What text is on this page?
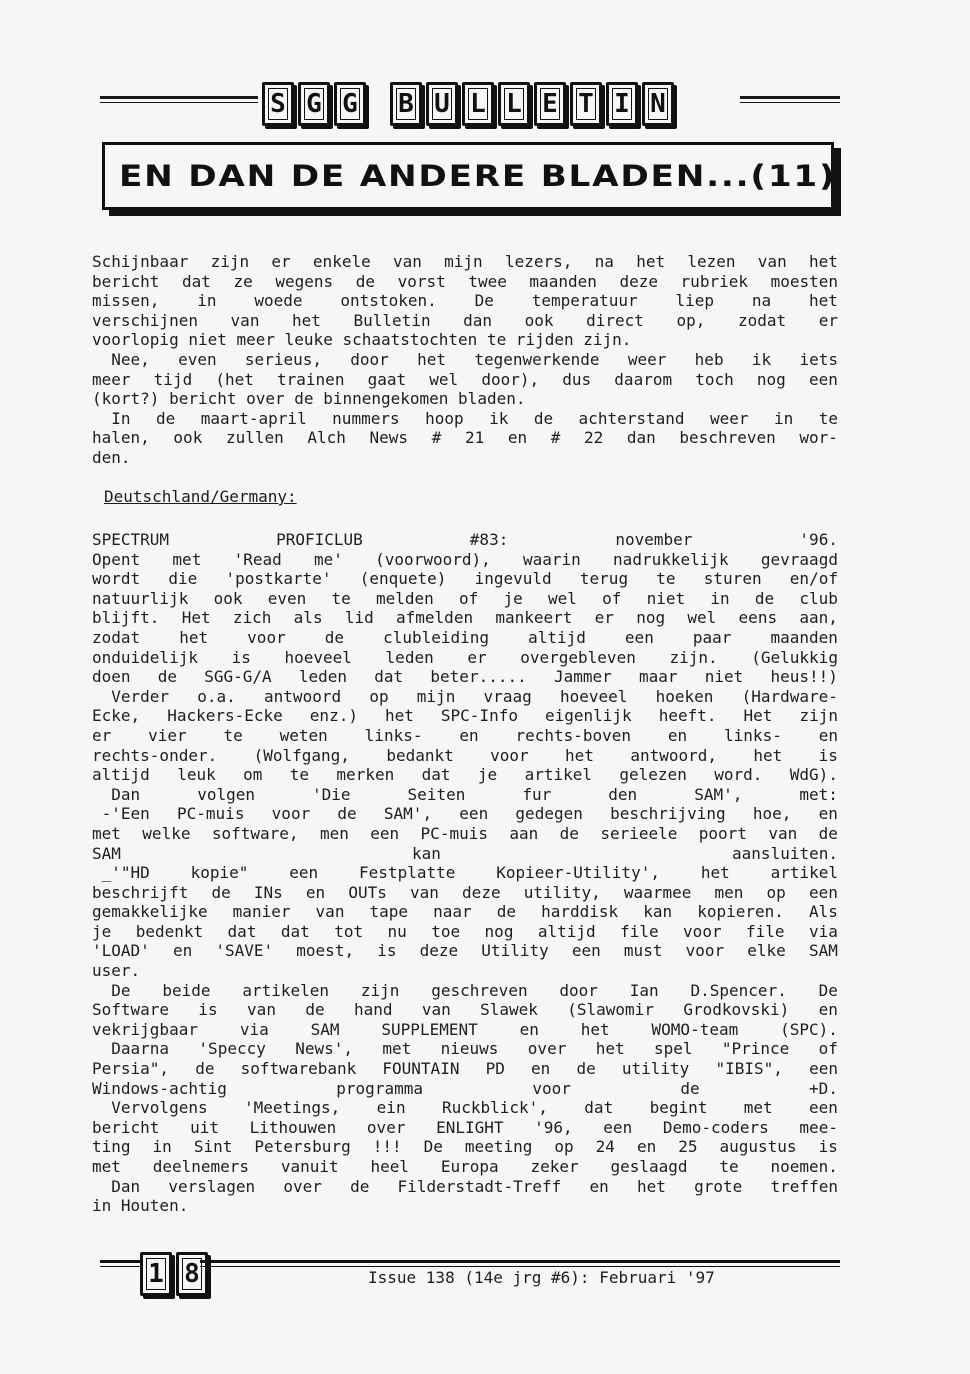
S G G	B U L L E T I N
EN DAN DE ANDERE BLADEN...(11)
Schijnbaar zijn er enkele van mijn lezers, na het lezen van het
bericht dat ze wegens de vorst twee maanden deze rubriek moesten
missen, in woede ontstoken. De temperatuur liep na het
verschijnen van het Bulletin dan ook direct op, zodat er
voorlopig niet meer leuke schaatstochten te rijden zijn.
Nee, even serieus, door het tegenwerkende weer heb ik iets
meer tijd (het trainen gaat wel door), dus daarom toch nog een
(kort?) bericht over de binnengekomen bladen.
In de maart-april nummers hoop ik de achterstand weer in te
halen, ook zullen Alch News # 21 en # 22 dan beschreven wor-
den.
Deutschland/Germany:
SPECTRUM	PROFICLUB	#83:	november	'96.
Opent met 'Read me' (voorwoord), waarin nadrukkelijk gevraagd
wordt die 'postkarte' (enquete) ingevuld terug te sturen en/of
natuurlijk ook even te melden of je wel of niet in de club
blijft. Het zich als lid afmelden mankeert er nog wel eens aan,
zodat het voor de clubleiding altijd een paar maanden
onduidelijk is hoeveel leden er overgebleven zijn. (Gelukkig
doen de SGG-G/A leden dat beter..... Jammer maar niet heus!!)
Verder o.a. antwoord op mijn vraag hoeveel hoeken (Hardware-
Ecke, Hackers-Ecke enz.) het SPC-Info eigenlijk heeft. Het zijn
er vier te weten links- en rechts-boven en links- en
rechts-onder. (Wolfgang, bedankt voor het antwoord, het is
altijd leuk om te merken dat je artikel gelezen word. WdG).
Dan	volgen	'Die	Seiten	fur	den	SAM',	met:
-'Een PC-muis voor de SAM', een gedegen beschrijving hoe, en
met welke software, men een PC-muis aan de serieele poort van de
SAM	kan	aansluiten.
_'"HD	kopie"	een	Festplatte	Kopieer-Utility',	het	artikel
beschrijft de INs en OUTs van deze utility, waarmee men op een
gemakkelijke manier van tape naar de harddisk kan kopieren. Als
je bedenkt dat dat tot nu toe nog altijd file voor file via
'LOAD' en 'SAVE' moest, is deze Utility een must voor elke SAM
user.
De beide artikelen zijn geschreven door Ian D.Spencer. De
Software is van de hand van Slawek (Slawomir Grodkovski) en
vekrijgbaar	via	SAM	SUPPLEMENT	en	het	WOMO-team	(SPC).
Daarna 'Speccy News', met nieuws over het spel "Prince of
Persia", de softwarebank FOUNTAIN PD en de utility "IBIS", een
Windows-achtig	programma	voor	de	+D.
Vervolgens 'Meetings, ein Ruckblick', dat begint met een
bericht uit Lithouwen over ENLIGHT '96, een Demo-coders mee-
ting in Sint Petersburg !!! De meeting op 24 en 25 augustus is
met deelnemers vanuit heel Europa zeker geslaagd te noemen.
Dan verslagen over de Filderstadt-Treff en het grote treffen
in Houten.
1 8	Issue 138 (14e jrg #6): Februari '97
